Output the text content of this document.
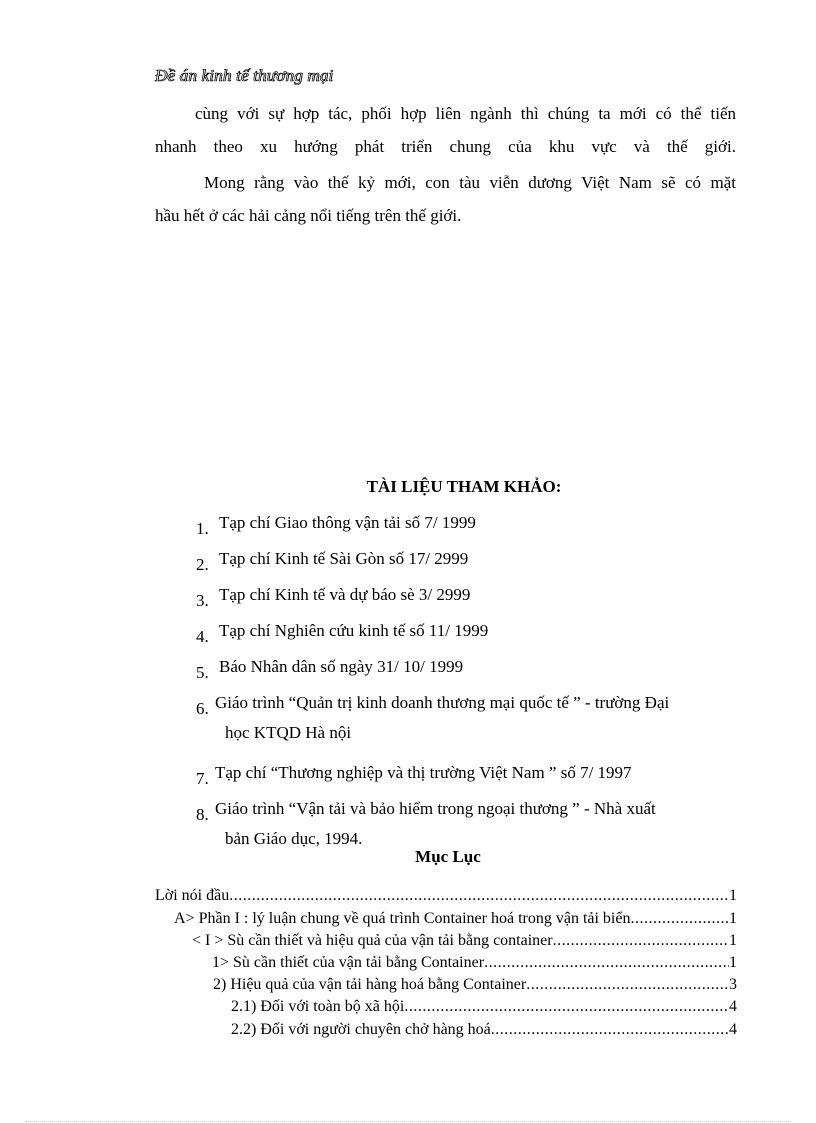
Đề án kinh tế thương mại
cùng với sự hợp tác, phối hợp liên ngành thì chúng ta mới có thể tiến
nhanh theo xu hướng phát triển chung của khu vực và thế giới.
Mong rằng vào thế kỷ mới, con tàu viễn dương Việt Nam sẽ có mặt
hầu hết ở các hải cảng nổi tiếng trên thế giới.
TÀI LIỆU THAM KHẢO:
1. Tạp chí Giao thông vận tải số 7/ 1999
2. Tạp chí Kinh tế Sài Gòn số 17/ 2999
3. Tạp chí Kinh tế và dự báo sè 3/ 2999
4. Tạp chí Nghiên cứu kinh tế số 11/ 1999
5. Báo Nhân dân số ngày 31/ 10/ 1999
6. Giáo trình “Quản trị kinh doanh thương mại quốc tế ” - trường Đại
học KTQD Hà nội
7. Tạp chí “Thương nghiệp và thị trường Việt Nam ” số 7/ 1997
8. Giáo trình “Vận tải và bảo hiểm trong ngoại thương ” - Nhà xuất
bản Giáo dục, 1994.
Mục Lục
Lời nói đầu .....	1
A> Phần I : lý luận chung về quá trình Container hoá trong vận tải biển .....	1
< I > Sù cần thiết và hiệu quả của vận tải bằng container .....	1
1> Sù cần thiết của vận tải bằng Container .....	1
2) Hiệu quả của vận tải hàng hoá bằng Container .....	3
2.1) Đối với toàn bộ xã hội .....	4
2.2) Đối với người chuyên chở hàng hoá .....	4
